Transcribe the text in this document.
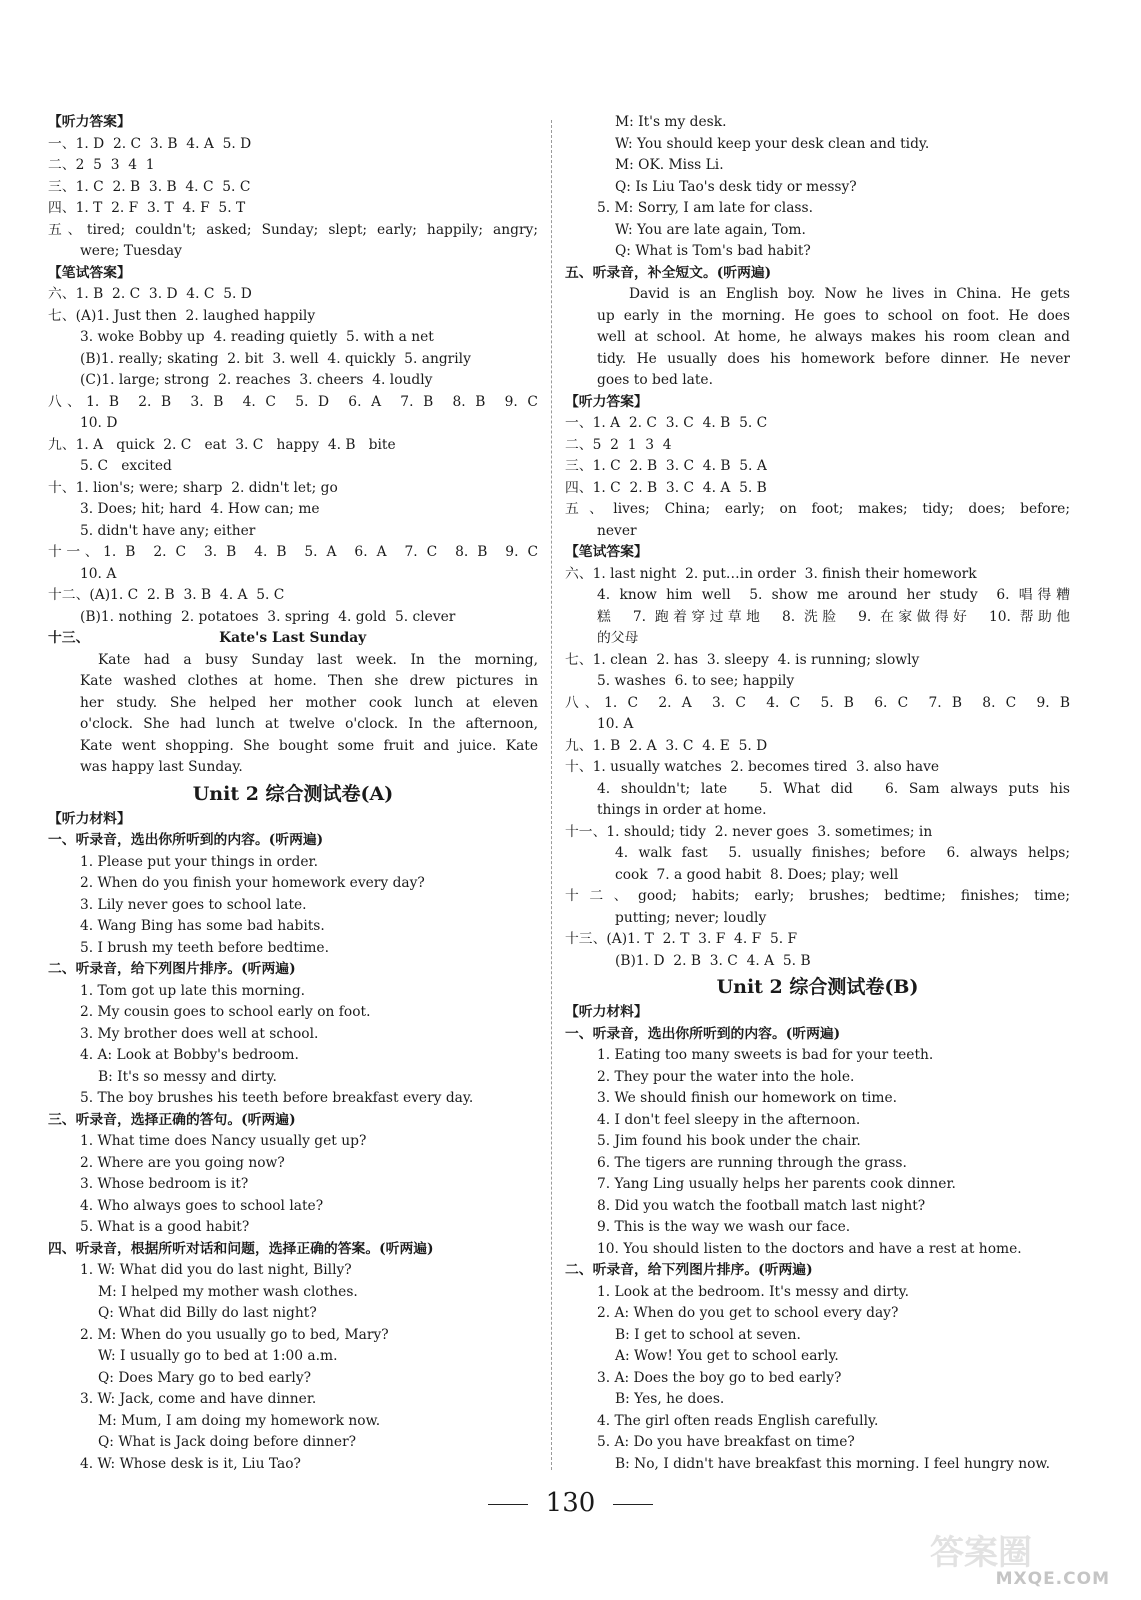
【听力答案】
一、1. D  2. C  3. B  4. A  5. D
二、2  5  3  4  1
三、1. C  2. B  3. B  4. C  5. C
四、1. T  2. F  3. T  4. F  5. T
五、tired; couldn't; asked; Sunday; slept; early; happily; angry;
were; Tuesday
【笔试答案】
六、1. B  2. C  3. D  4. C  5. D
七、(A)1. Just then  2. laughed happily
3. woke Bobby up  4. reading quietly  5. with a net
(B)1. really; skating  2. bit  3. well  4. quickly  5. angrily
(C)1. large; strong  2. reaches  3. cheers  4. loudly
八、1. B  2. B  3. B  4. C  5. D  6. A  7. B  8. B  9. C
10. D
九、1. A   quick  2. C   eat  3. C   happy  4. B   bite
5. C   excited
十、1. lion's; were; sharp  2. didn't let; go
3. Does; hit; hard  4. How can; me
5. didn't have any; either
十一、1. B  2. C  3. B  4. B  5. A  6. A  7. C  8. B  9. C
10. A
十二、(A)1. C  2. B  3. B  4. A  5. C
(B)1. nothing  2. potatoes  3. spring  4. gold  5. clever
十三、                           Kate's Last Sunday
Kate had a busy Sunday last week. In the morning,
Kate washed clothes at home. Then she drew pictures in
her study. She helped her mother cook lunch at eleven
o'clock. She had lunch at twelve o'clock. In the afternoon,
Kate went shopping. She bought some fruit and juice. Kate
was happy last Sunday.
Unit 2 综合测试卷(A)
【听力材料】
一、听录音，选出你所听到的内容。(听两遍)
1. Please put your things in order.
2. When do you finish your homework every day?
3. Lily never goes to school late.
4. Wang Bing has some bad habits.
5. I brush my teeth before bedtime.
二、听录音，给下列图片排序。(听两遍)
1. Tom got up late this morning.
2. My cousin goes to school early on foot.
3. My brother does well at school.
4. A: Look at Bobby's bedroom.
B: It's so messy and dirty.
5. The boy brushes his teeth before breakfast every day.
三、听录音，选择正确的答句。(听两遍)
1. What time does Nancy usually get up?
2. Where are you going now?
3. Whose bedroom is it?
4. Who always goes to school late?
5. What is a good habit?
四、听录音，根据所听对话和问题，选择正确的答案。(听两遍)
1. W: What did you do last night, Billy?
M: I helped my mother wash clothes.
Q: What did Billy do last night?
2. M: When do you usually go to bed, Mary?
W: I usually go to bed at 1:00 a.m.
Q: Does Mary go to bed early?
3. W: Jack, come and have dinner.
M: Mum, I am doing my homework now.
Q: What is Jack doing before dinner?
4. W: Whose desk is it, Liu Tao?
M: It's my desk.
W: You should keep your desk clean and tidy.
M: OK. Miss Li.
Q: Is Liu Tao's desk tidy or messy?
5. M: Sorry, I am late for class.
W: You are late again, Tom.
Q: What is Tom's bad habit?
五、听录音，补全短文。(听两遍)
David is an English boy. Now he lives in China. He gets
up early in the morning. He goes to school on foot. He does
well at school. At home, he always makes his room clean and
tidy. He usually does his homework before dinner. He never
goes to bed late.
【听力答案】
一、1. A  2. C  3. C  4. B  5. C
二、5  2  1  3  4
三、1. C  2. B  3. C  4. B  5. A
四、1. C  2. B  3. C  4. A  5. B
五、lives; China; early; on foot; makes; tidy; does; before;
never
【笔试答案】
六、1. last night  2. put…in order  3. finish their homework
4. know him well  5. show me around her study  6. 唱得糟
糕  7. 跑着穿过草地  8. 洗脸  9. 在家做得好  10. 帮助他
的父母
七、1. clean  2. has  3. sleepy  4. is running; slowly
5. washes  6. to see; happily
八、1. C  2. A  3. C  4. C  5. B  6. C  7. B  8. C  9. B
10. A
九、1. B  2. A  3. C  4. E  5. D
十、1. usually watches  2. becomes tired  3. also have
4. shouldn't; late   5. What did   6. Sam always puts his
things in order at home.
十一、1. should; tidy  2. never goes  3. sometimes; in
4. walk fast  5. usually finishes; before  6. always helps;
cook  7. a good habit  8. Does; play; well
十二、good; habits; early; brushes; bedtime; finishes; time;
putting; never; loudly
十三、(A)1. T  2. T  3. F  4. F  5. F
(B)1. D  2. B  3. C  4. A  5. B
Unit 2 综合测试卷(B)
【听力材料】
一、听录音，选出你所听到的内容。(听两遍)
1. Eating too many sweets is bad for your teeth.
2. They pour the water into the hole.
3. We should finish our homework on time.
4. I don't feel sleepy in the afternoon.
5. Jim found his book under the chair.
6. The tigers are running through the grass.
7. Yang Ling usually helps her parents cook dinner.
8. Did you watch the football match last night?
9. This is the way we wash our face.
10. You should listen to the doctors and have a rest at home.
二、听录音，给下列图片排序。(听两遍)
1. Look at the bedroom. It's messy and dirty.
2. A: When do you get to school every day?
B: I get to school at seven.
A: Wow! You get to school early.
3. A: Does the boy go to bed early?
B: Yes, he does.
4. The girl often reads English carefully.
5. A: Do you have breakfast on time?
B: No, I didn't have breakfast this morning. I feel hungry now.
130
答案圈
MXQE.COM
